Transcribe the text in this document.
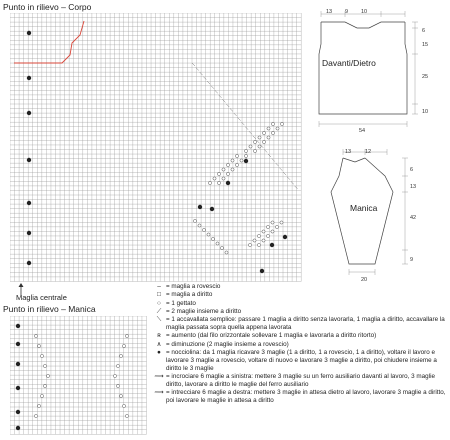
Punto in rilievo – Corpo
Maglia centrale
Punto in rilievo – Manica
13 9 10
6
15
25
10
54
Davanti/Dietro
13	12
6
13
42
9
20
Manica
– = maglia a rovescio
□ = maglia a diritto
○ = 1 gettato
⟋ = 2 maglie insieme a diritto
⟍ = 1 accavallata semplice: passare 1 maglia a diritto senza lavorarla, 1 maglia a diritto, accavallare la maglia passata sopra quella appena lavorata
ʀ = aumento (dal filo orizzontale sollevare 1 maglia e lavorarla a diritto ritorto)
∧ = diminuzione (2 maglie insieme a rovescio)
● = nocciolina: da 1 maglia ricavare 3 maglie (1 a diritto, 1 a rovescio, 1 a diritto), voltare il lavoro e lavorare 3 maglie a rovescio, voltare di nuovo e lavorare 3 maglie a diritto, poi chiudere insieme a diritto le 3 maglie
⟿ = incrociare 6 maglie a sinistra: mettere 3 maglie su un ferro ausiliario davanti al lavoro, 3 maglie diritto, lavorare a diritto le maglie del ferro ausiliario
⟿ = intrecciare 6 maglie a destra: mettere 3 maglie in attesa dietro al lavoro, lavorare 3 maglie a diritto, poi lavorare le maglie in attesa a diritto
